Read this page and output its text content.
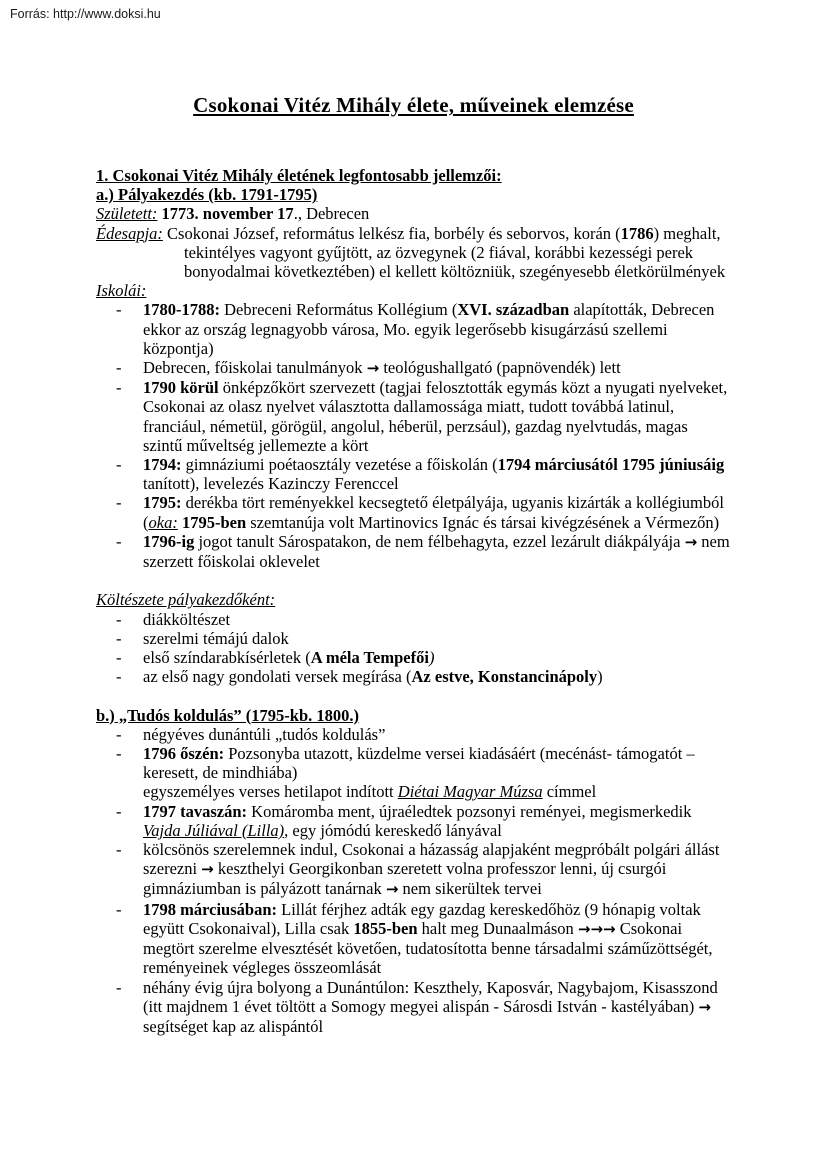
Forrás: http://www.doksi.hu
Csokonai Vitéz Mihály élete, műveinek elemzése
1. Csokonai Vitéz Mihály életének legfontosabb jellemzői:
a.) Pályakezdés (kb. 1791-1795)
Született: 1773. november 17., Debrecen
Édesapja: Csokonai József, református lelkész fia, borbély és seborvos, korán (1786) meghalt, tekintélyes vagyont gyűjtött, az özvegynek (2 fiával, korábbi kezességi perek bonyodalmai következtében) el kellett költözniük, szegényesebb életkörülmények
Iskolái:
- 1780-1788: Debreceni Református Kollégium (XVI. században alapították, Debrecen ekkor az ország legnagyobb városa, Mo. egyik legerősebb kisugárzású szellemi központja)
- Debrecen, főiskolai tanulmányok → teológushallgató (papnövendék) lett
- 1790 körül önképzőkört szervezett (tagjai felosztották egymás közt a nyugati nyelveket, Csokonai az olasz nyelvet választotta dallamossága miatt, tudott továbbá latinul, franciául, németül, görögül, angolul, héberül, perzsául), gazdag nyelvtudás, magas szintű műveltség jellemezte a kört
- 1794: gimnáziumi poétaosztály vezetése a főiskolán (1794 márciusától 1795 júniusáig tanított), levelezés Kazinczy Ferenccel
- 1795: derékba tört reményekkel kecsegtető életpályája, ugyanis kizárták a kollégiumból (oka: 1795-ben szemtanúja volt Martinovics Ignác és társai kivégzésének a Vérmezőn)
- 1796-ig jogot tanult Sárospatakon, de nem félbehagyta, ezzel lezárult diákpályája → nem szerzett főiskolai oklevelet
Költészete pályakezdőként:
- diákköltészet
- szerelmi témájú dalok
- első színdarabkísérletek (A méla Tempefői)
- az első nagy gondolati versek megírása (Az estve, Konstancinápoly)
b.) „Tudós koldulás” (1795-kb. 1800.)
- négyéves dunántúli „tudós koldulás”
- 1796 őszén: Pozsonyba utazott, küzdelme versei kiadásáért (mecénást- támogatót – keresett, de mindhiába)
egyszemélyes verses hetilapot indított Diétai Magyar Múzsa címmel
- 1797 tavaszán: Komáromba ment, újraéledtek pozsonyi reményei, megismerkedik Vajda Júliával (Lilla), egy jómódú kereskedő lányával
- kölcsönös szerelemnek indul, Csokonai a házasság alapjaként megpróbált polgári állást szerezni → keszthelyi Georgikonban szeretett volna professzor lenni, új csurgói gimnáziumban is pályázott tanárnak → nem sikerültek tervei
- 1798 márciusában: Lillát férjhez adták egy gazdag kereskedőhöz (9 hónapig voltak együtt Csokonaival), Lilla csak 1855-ben halt meg Dunaalmáson →→→ Csokonai megtört szerelme elvesztését követően, tudatosította benne társadalmi száműzöttségét, reményeinek végleges összeomlását
- néhány évig újra bolyong a Dunántúlon: Keszthely, Kaposvár, Nagybajom, Kisasszond (itt majdnem 1 évet töltött a Somogy megyei alispán - Sárosdi István - kastélyában) → segítséget kap az alispántól
